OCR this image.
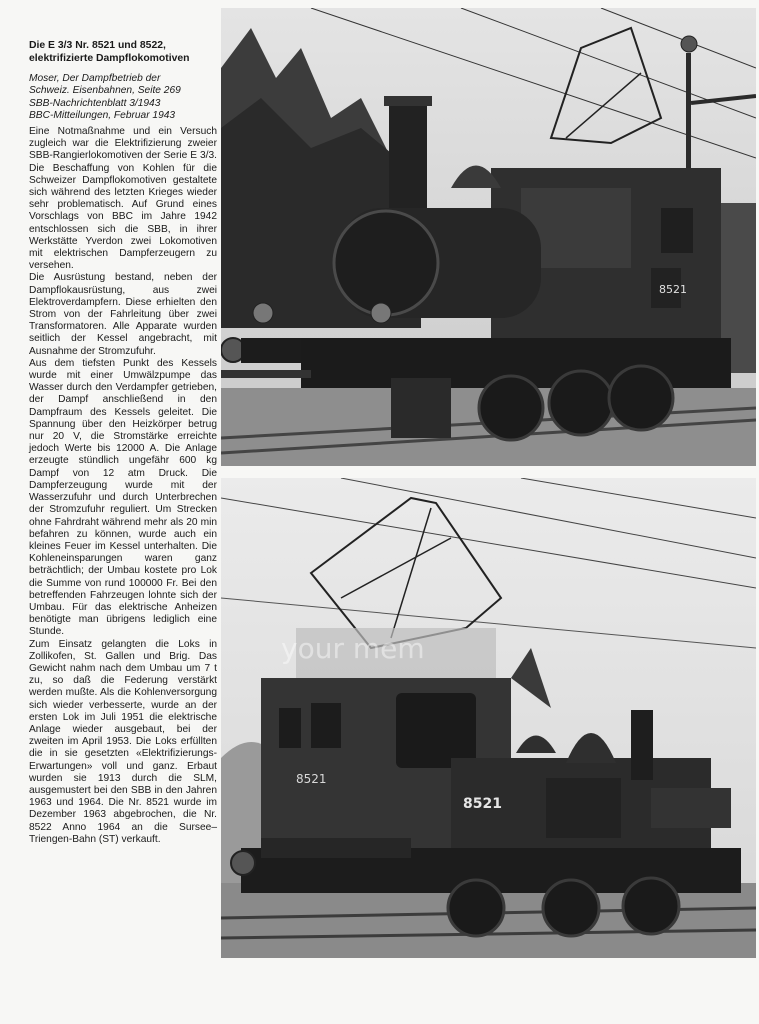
Die E 3/3 Nr. 8521 und 8522, elektrifizierte Dampflokomotiven
Moser, Der Dampfbetrieb der
Schweiz. Eisenbahnen, Seite 269
SBB-Nachrichtenblatt 3/1943
BBC-Mitteilungen, Februar 1943

Eine Notmaßnahme und ein Versuch zugleich war die Elektrifizierung zweier SBB-Rangierlokomotiven der Serie E 3/3. Die Beschaffung von Kohlen für die Schweizer Dampflokomotiven gestaltete sich während des letzten Krieges wieder sehr problematisch. Auf Grund eines Vorschlags von BBC im Jahre 1942 entschlossen sich die SBB, in ihrer Werkstätte Yverdon zwei Lokomotiven mit elektrischen Dampferzeugern zu versehen.

Die Ausrüstung bestand, neben der Dampflokausrüstung, aus zwei Elektroverdampfern. Diese erhielten den Strom von der Fahrleitung über zwei Transformatoren. Alle Apparate wurden seitlich der Kessel angebracht, mit Ausnahme der Stromzufuhr.

Aus dem tiefsten Punkt des Kessels wurde mit einer Umwälzpumpe das Wasser durch den Verdampfer getrieben, der Dampf anschließend in den Dampfraum des Kessels geleitet. Die Spannung über den Heizkörper betrug nur 20 V, die Stromstärke erreichte jedoch Werte bis 12000 A. Die Anlage erzeugte stündlich ungefähr 600 kg Dampf von 12 atm Druck. Die Dampferzeugung wurde mit der Wasserzufuhr und durch Unterbrechen der Stromzufuhr reguliert. Um Strecken ohne Fahrdraht während mehr als 20 min befahren zu können, wurde auch ein kleines Feuer im Kessel unterhalten. Die Kohleneinsparungen waren ganz beträchtlich; der Umbau kostete pro Lok die Summe von rund 100000 Fr. Bei den betreffenden Fahrzeugen lohnte sich der Umbau. Für das elektrische Anheizen benötigte man übrigens lediglich eine Stunde.

Zum Einsatz gelangten die Loks in Zollikofen, St. Gallen und Brig. Das Gewicht nahm nach dem Umbau um 7 t zu, so daß die Federung verstärkt werden mußte. Als die Kohlenversorgung sich wieder verbesserte, wurde an der ersten Lok im Juli 1951 die elektrische Anlage wieder ausgebaut, bei der zweiten im April 1953. Die Loks erfüllten die in sie gesetzten «Elektrifizierungs-Erwartungen» voll und ganz. Erbaut wurden sie 1913 durch die SLM, ausgemustert bei den SBB in den Jahren 1963 und 1964. Die Nr. 8521 wurde im Dezember 1963 abgebrochen, die Nr. 8522 Anno 1964 an die Sursee–Triengen-Bahn (ST) verkauft.

8521
8521
8521
your mem
